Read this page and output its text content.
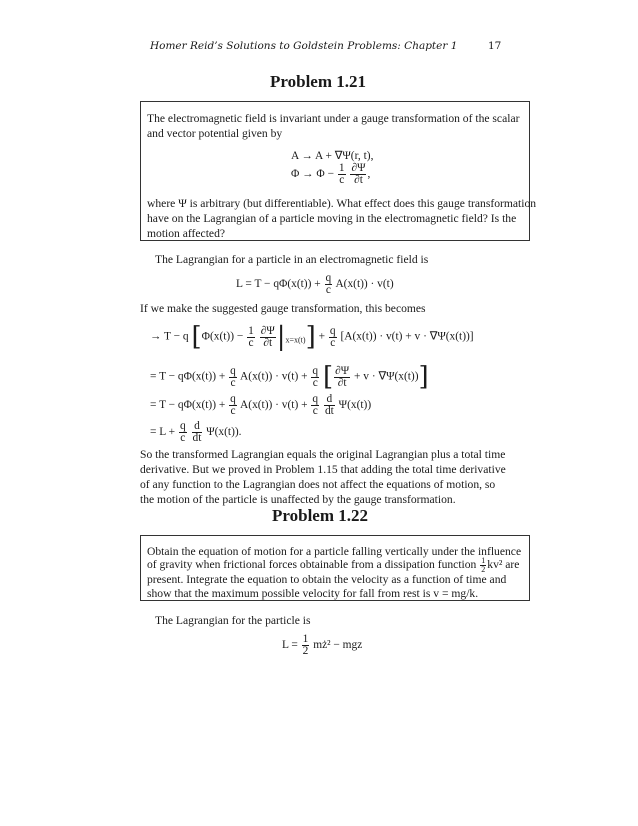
Homer Reid’s Solutions to Goldstein Problems: Chapter 1	17
Problem 1.21
The electromagnetic field is invariant under a gauge transformation of the scalar
and vector potential given by
A → A + ∇Ψ(r, t),
$\Phi \to \Phi - \frac{1}{c}$
$\frac{\partial\Psi}{\partial t}$ ,
where Ψ is arbitrary (but differentiable). What effect does this gauge transformation
have on the Lagrangian of a particle moving in the electromagnetic field? Is the
motion affected?
The Lagrangian for a particle in an electromagnetic field is
$L = T - q\Phi(x(t)) + \frac{q}{c} A(x(t)) \cdot v(t)$
If we make the suggested gauge transformation, this becomes
→ T − q [$\Phi(x(t)) - \frac{1}{c}$
$\frac{\partial\Psi}{\partial t} |_{x=x(t)}] + \frac{q}{c} [A(x(t)) \cdot v(t) + v \cdot \nabla\Psi(x(t))]$
= $T - q\Phi(x(t)) + \frac{q}{c} A(x(t)) \cdot v(t) + \frac{q}{c}$ [ $\frac{\partial\Psi}{\partial t} + v \cdot \nabla\Psi(x(t))$]
= $T - q\Phi(x(t)) + \frac{q}{c} A(x(t)) \cdot v(t) + \frac{q}{c}$
$\frac{d}{dt} \Psi(x(t))$
= $L + \frac{q}{c}$
$\frac{d}{dt} \Psi(x(t))$.
So the transformed Lagrangian equals the original Lagrangian plus a total time
derivative. But we proved in Problem 1.15 that adding the total time derivative
of any function to the Lagrangian does not affect the equations of motion, so
the motion of the particle is unaffected by the gauge transformation.
Problem 1.22
Obtain the equation of motion for a particle falling vertically under the influence
of gravity when frictional forces obtainable from a dissipation function $\frac{1}{2} kv^2$ are
present. Integrate the equation to obtain the velocity as a function of time and
show that the maximum possible velocity for fall from rest is v = mg/k.
The Lagrangian for the particle is
$L = \frac{1}{2}$ mż² − mgz
